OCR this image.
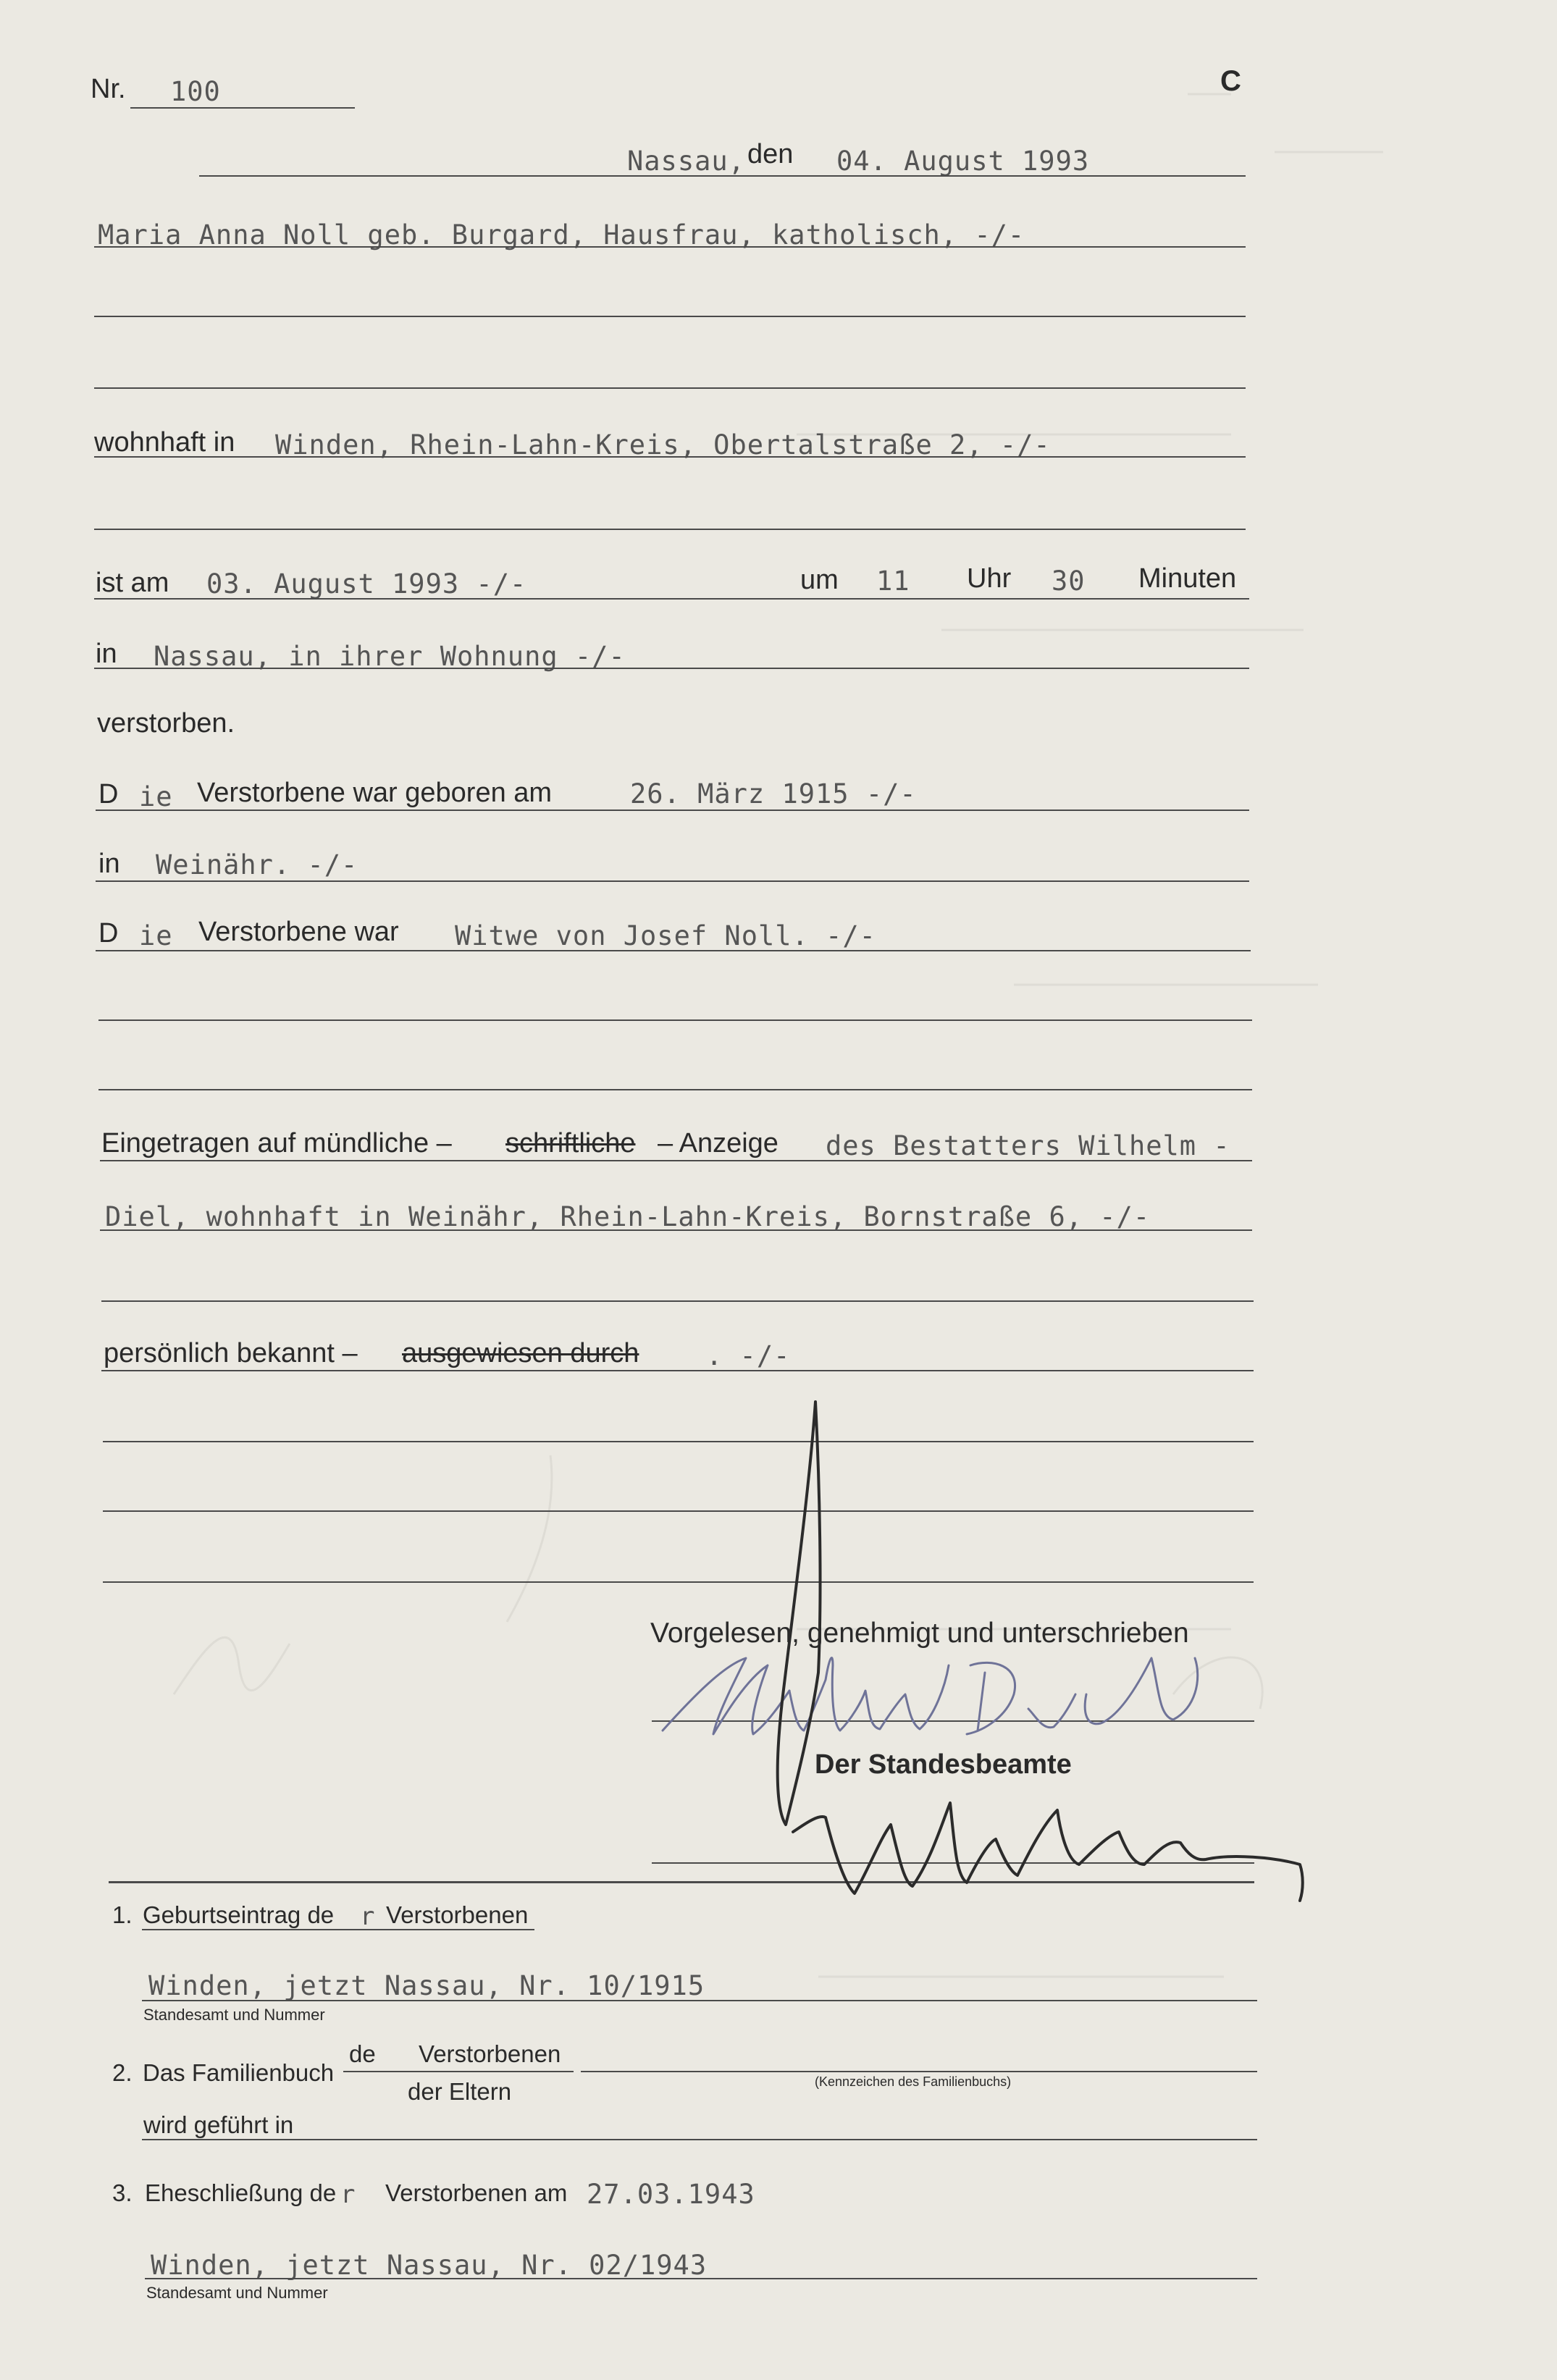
Nr. 100	C
Nassau, den 04. August 1993
Maria Anna Noll geb. Burgard, Hausfrau, katholisch, -/-
wohnhaft in Winden, Rhein-Lahn-Kreis, Obertalstraße 2, -/-
ist am 03. August 1993 -/-	um 11 Uhr 30 Minuten
in Nassau, in ihrer Wohnung -/-
verstorben.
D ie Verstorbene war geboren am	26. März 1915 -/-
in Weinähr. -/-
D ie Verstorbene war Witwe von Josef Noll. -/-
Eingetragen auf mündliche – schriftliche – Anzeige des Bestatters Wilhelm -
Diel, wohnhaft in Weinähr, Rhein-Lahn-Kreis, Bornstraße 6, -/-
persönlich bekannt – ausgewiesen durch	. -/-
Vorgelesen, genehmigt und unterschrieben
Der Standesbeamte
1. Geburtseintrag de r Verstorbenen
Winden, jetzt Nassau, Nr. 10/1915
Standesamt und Nummer
2. Das Familienbuch
de Verstorbenen
der Eltern	(Kennzeichen des Familienbuchs)
wird geführt in
3. Eheschließung de r Verstorbenen am 27.03.1943
Winden, jetzt Nassau, Nr. 02/1943
Standesamt und Nummer
